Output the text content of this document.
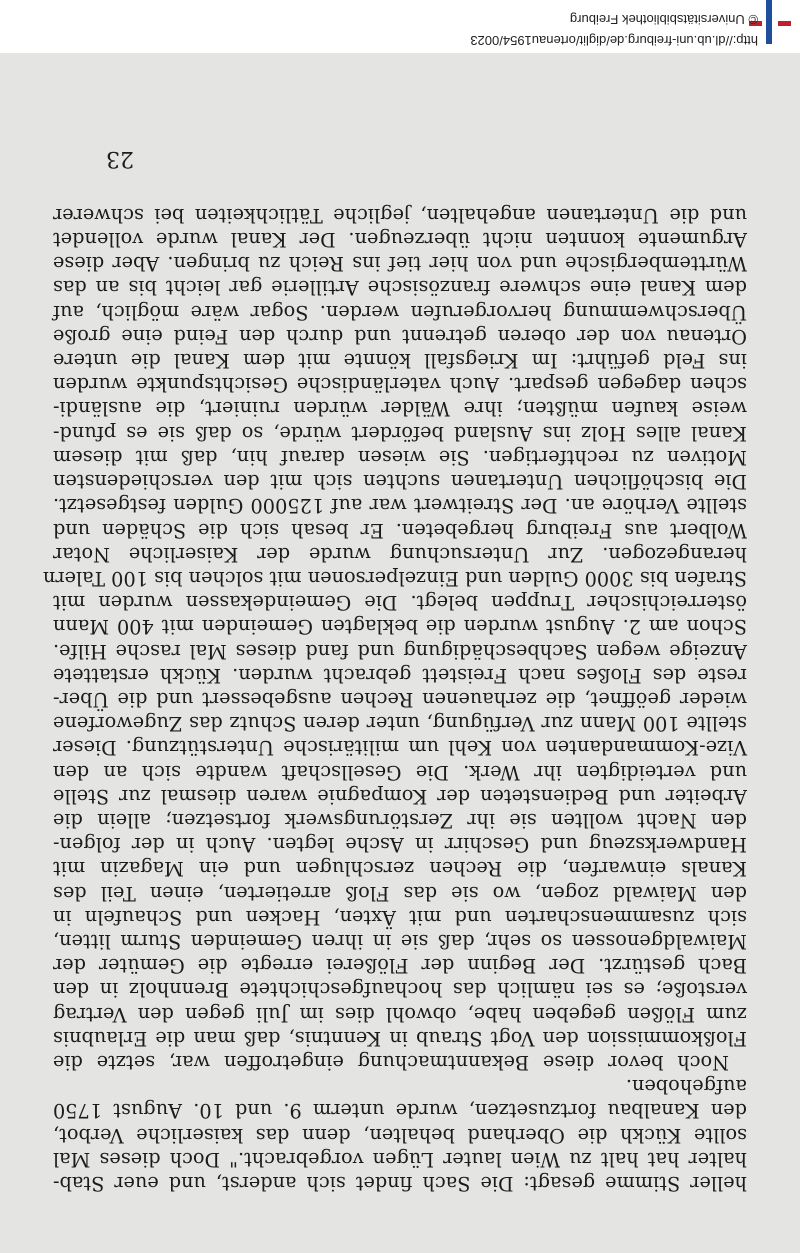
heller Stimme gesagt: Die Sach findet sich anderst, und euer Stab-
halter hat halt zu Wien lauter Lügen vorgebracht." Doch dieses Mal
sollte Kückh die Oberhand behalten, denn das kaiserliche Verbot,
den Kanalbau fortzusetzen, wurde unterm 9. und 10. August 1750
aufgehoben.
Noch bevor diese Bekanntmachung eingetroffen war, setzte die
Floßkommission den Vogt Straub in Kenntnis, daß man die Erlaubnis
zum Flößen gegeben habe, obwohl dies im Juli gegen den Vertrag
verstoße; es sei nämlich das hochaufgeschichtete Brennholz in den
Bach gestürzt. Der Beginn der Flößerei erregte die Gemüter der
Maiwaldgenossen so sehr, daß sie in ihren Gemeinden Sturm litten,
sich zusammenscharten und mit Äxten, Hacken und Schaufeln in
den Maiwald zogen, wo sie das Floß arretierten, einen Teil des
Kanals einwarfen, die Rechen zerschlugen und ein Magazin mit
Handwerkszeug und Geschirr in Asche legten. Auch in der folgen-
den Nacht wollten sie ihr Zerstörungswerk fortsetzen; allein die
Arbeiter und Bediensteten der Kompagnie waren diesmal zur Stelle
und verteidigten ihr Werk. Die Gesellschaft wandte sich an den
Vize-Kommandanten von Kehl um militärische Unterstützung. Dieser
stellte 100 Mann zur Verfügung, unter deren Schutz das Zugeworfene
wieder geöffnet, die zerhauenen Rechen ausgebessert und die Über-
reste des Floßes nach Freistett gebracht wurden. Kückh erstattete
Anzeige wegen Sachbeschädigung und fand dieses Mal rasche Hilfe.
Schon am 2. August wurden die beklagten Gemeinden mit 400 Mann
österreichischer Truppen belegt. Die Gemeindekassen wurden mit
Strafen bis 3000 Gulden und Einzelpersonen mit solchen bis 100 Talern
herangezogen. Zur Untersuchung wurde der Kaiserliche Notar
Wolbert aus Freiburg hergebeten. Er besah sich die Schäden und
stellte Verhöre an. Der Streitwert war auf 125000 Gulden festgesetzt.
Die bischöflichen Untertanen suchten sich mit den verschiedensten
Motiven zu rechtfertigen. Sie wiesen darauf hin, daß mit diesem
Kanal alles Holz ins Ausland befördert würde, so daß sie es pfund-
weise kaufen müßten; ihre Wälder würden ruiniert, die ausländi-
schen dagegen gespart. Auch vaterländische Gesichtspunkte wurden
ins Feld geführt: Im Kriegsfall könnte mit dem Kanal die untere
Ortenau von der oberen getrennt und durch den Feind eine große
Überschwemmung hervorgerufen werden. Sogar wäre möglich, auf
dem Kanal eine schwere französische Artillerie gar leicht bis an das
Württembergische und von hier tief ins Reich zu bringen. Aber diese
Argumente konnten nicht überzeugen. Der Kanal wurde vollendet
und die Untertanen angehalten, jegliche Tätlichkeiten bei schwerer
23
http://dl.ub.uni-freiburg.de/diglit/ortenau1954/0023
© Universitätsbibliothek Freiburg
